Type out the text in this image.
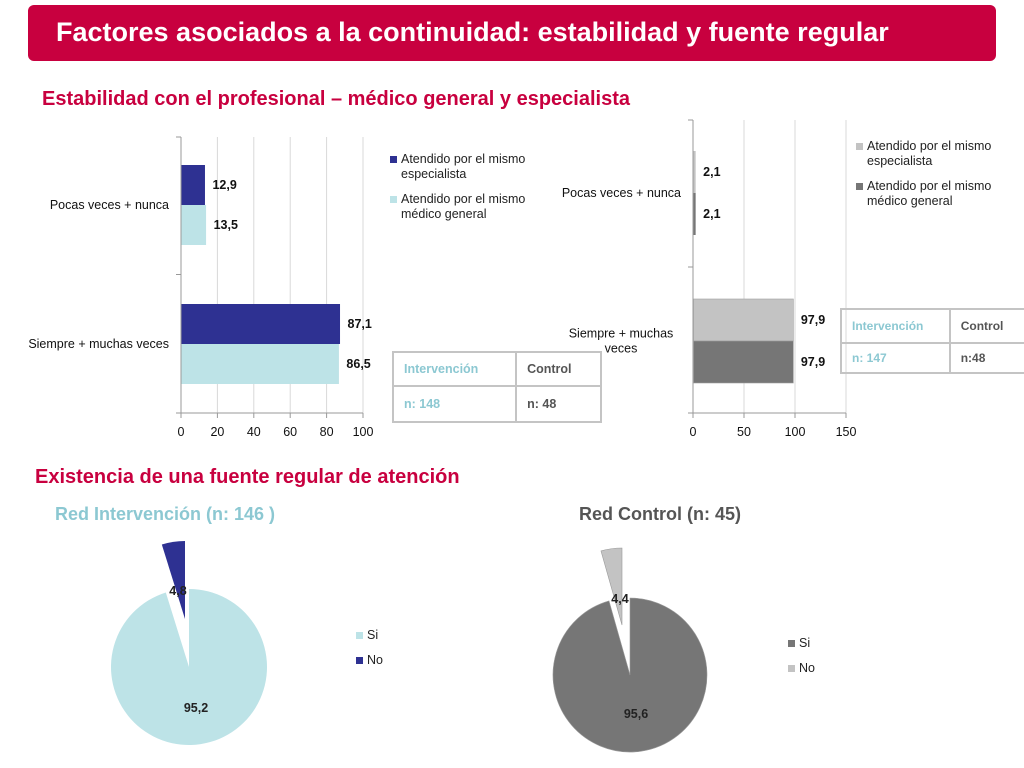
Factores asociados a la continuidad: estabilidad y fuente regular
Estabilidad con el profesional – médico general y especialista
Existencia de una fuente regular de atención
Red Intervención (n: 146 )	Red Control (n: 45)
0 20 40 60 80 100
Pocas veces + nunca
12,9
13,5
Siempre + muchas veces
87,1
86,5
0	50	100 150
Pocas veces + nunca
2,1
2,1
Siempre + muchas
veces
97,9
97,9
95,2
4,8
95,6
4,4
Atendido por el mismo especialista
Atendido por el mismo médico general
Atendido por el mismo especialista
Atendido por el mismo médico general
Intervención	Control
n: 148	n: 48
Intervención	Control
n: 147	n:48
Si
No
Si
No
